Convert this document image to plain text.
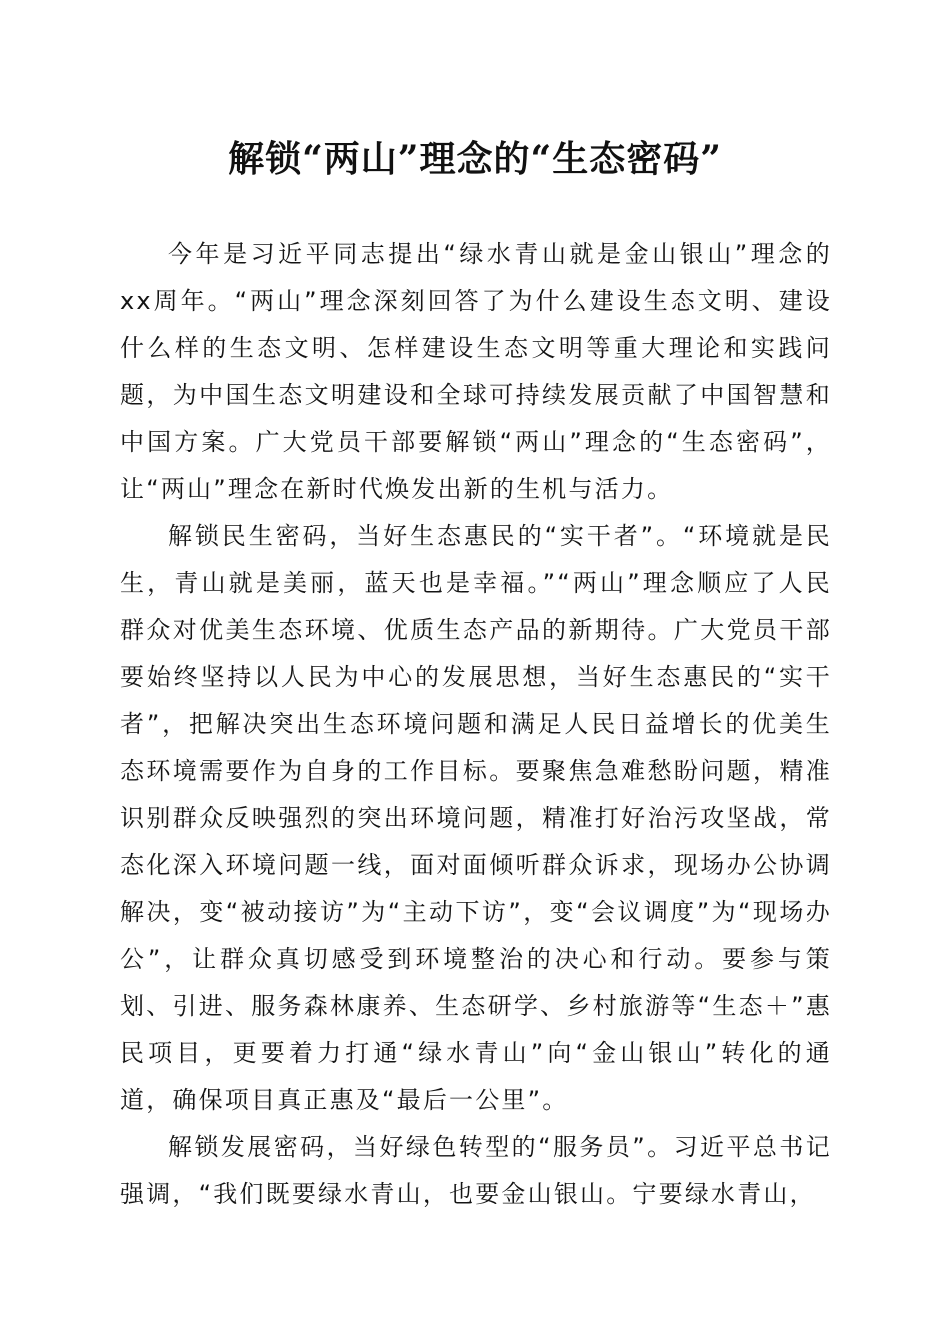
解锁“两山”理念的“生态密码”

今年是习近平同志提出“绿水青山就是金山银山”理念的xx周年。“两山”理念深刻回答了为什么建设生态文明、建设什么样的生态文明、怎样建设生态文明等重大理论和实践问题，为中国生态文明建设和全球可持续发展贡献了中国智慧和中国方案。广大党员干部要解锁“两山”理念的“生态密码”，让“两山”理念在新时代焕发出新的生机与活力。

解锁民生密码，当好生态惠民的“实干者”。“环境就是民生，青山就是美丽，蓝天也是幸福。”“两山”理念顺应了人民群众对优美生态环境、优质生态产品的新期待。广大党员干部要始终坚持以人民为中心的发展思想，当好生态惠民的“实干者”，把解决突出生态环境问题和满足人民日益增长的优美生态环境需要作为自身的工作目标。要聚焦急难愁盼问题，精准识别群众反映强烈的突出环境问题，精准打好治污攻坚战，常态化深入环境问题一线，面对面倾听群众诉求，现场办公协调解决，变“被动接访”为“主动下访”，变“会议调度”为“现场办公”，让群众真切感受到环境整治的决心和行动。要参与策划、引进、服务森林康养、生态研学、乡村旅游等“生态＋”惠民项目，更要着力打通“绿水青山”向“金山银山”转化的通道，确保项目真正惠及“最后一公里”。

解锁发展密码，当好绿色转型的“服务员”。习近平总书记强调，“我们既要绿水青山，也要金山银山。宁要绿水青山，
